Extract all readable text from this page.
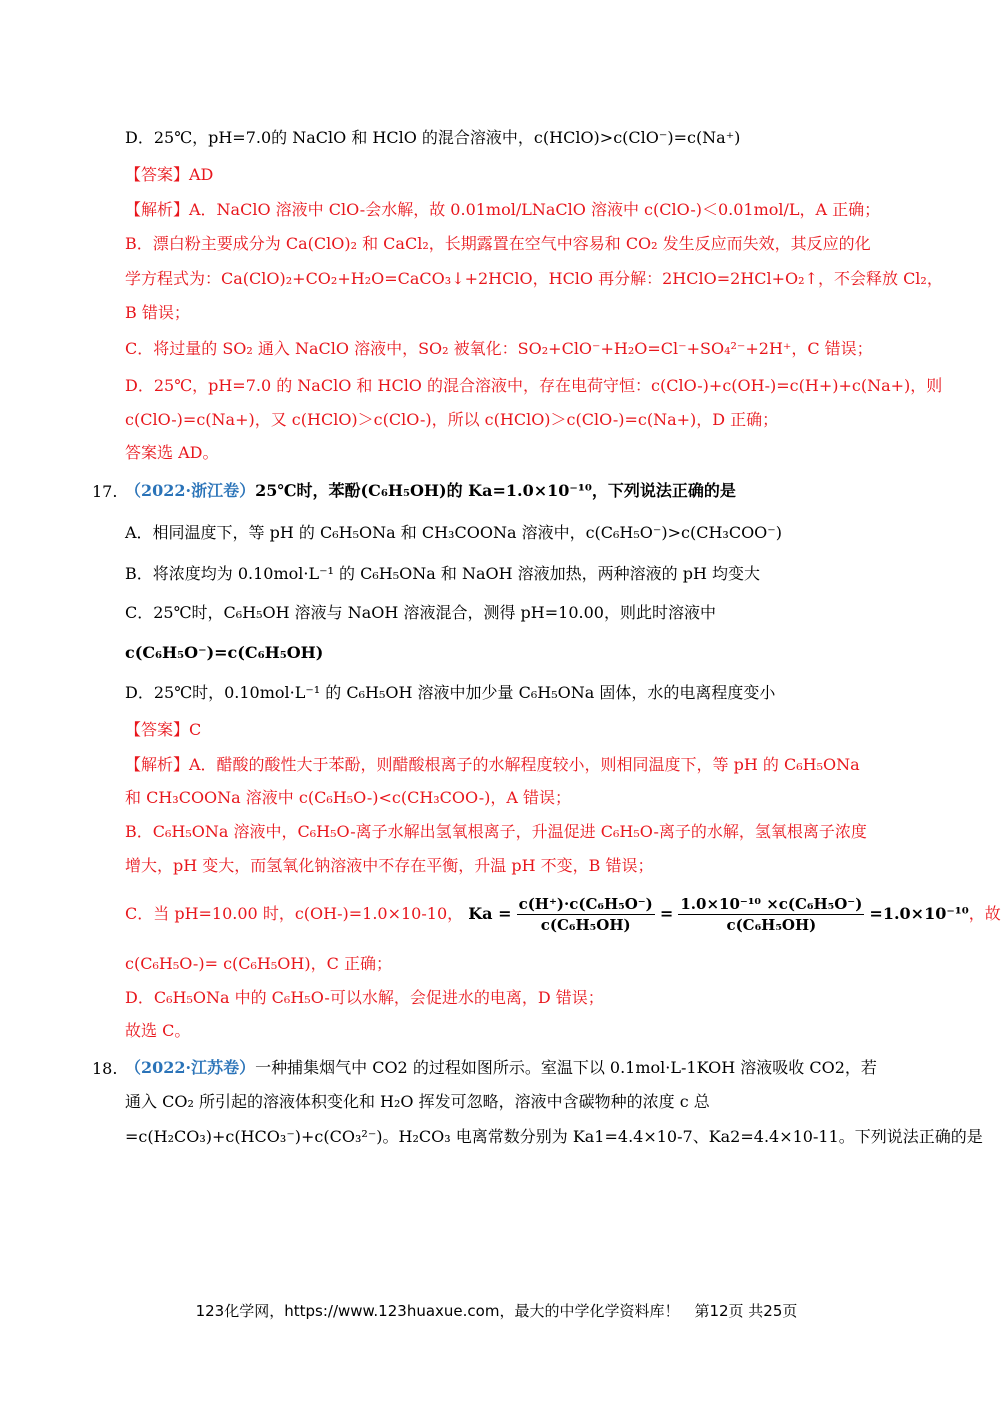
D．25℃，pH=7.0的 NaClO 和 HClO 的混合溶液中，c(HClO)>c(ClO⁻)=c(Na⁺)
【答案】AD
【解析】A．NaClO 溶液中 ClO-会水解，故 0.01mol/LNaClO 溶液中 c(ClO-)＜0.01mol/L，A 正确；
B．漂白粉主要成分为 Ca(ClO)₂ 和 CaCl₂，长期露置在空气中容易和 CO₂ 发生反应而失效，其反应的化
学方程式为：Ca(ClO)₂+CO₂+H₂O=CaCO₃↓+2HClO，HClO 再分解：2HClO=2HCl+O₂↑，不会释放 Cl₂，
B 错误；
C．将过量的 SO₂ 通入 NaClO 溶液中，SO₂ 被氧化：SO₂+ClO⁻+H₂O=Cl⁻+SO₄²⁻+2H⁺，C 错误；
D．25℃，pH=7.0 的 NaClO 和 HClO 的混合溶液中，存在电荷守恒：c(ClO-)+c(OH-)=c(H+)+c(Na+)，则
c(ClO-)=c(Na+)，又 c(HClO)＞c(ClO-)，所以 c(HClO)＞c(ClO-)=c(Na+)，D 正确；
答案选 AD。
17. （2022·浙江卷）25℃时，苯酚(C₆H₅OH)的 Ka=1.0×10⁻¹⁰，下列说法正确的是
A．相同温度下，等 pH 的 C₆H₅ONa 和 CH₃COONa 溶液中，c(C₆H₅O⁻)>c(CH₃COO⁻)
B．将浓度均为 0.10mol·L⁻¹ 的 C₆H₅ONa 和 NaOH 溶液加热，两种溶液的 pH 均变大
C．25℃时，C₆H₅OH 溶液与 NaOH 溶液混合，测得 pH=10.00，则此时溶液中
c(C₆H₅O⁻)=c(C₆H₅OH)
D．25℃时，0.10mol·L⁻¹ 的 C₆H₅OH 溶液中加少量 C₆H₅ONa 固体，水的电离程度变小
【答案】C
【解析】A．醋酸的酸性大于苯酚，则醋酸根离子的水解程度较小，则相同温度下，等 pH 的 C₆H₅ONa
和 CH₃COONa 溶液中 c(C₆H₅O-)<c(CH₃COO-)，A 错误；
B．C₆H₅ONa 溶液中，C₆H₅O-离子水解出氢氧根离子，升温促进 C₆H₅O-离子的水解，氢氧根离子浓度
增大，pH 变大，而氢氧化钠溶液中不存在平衡，升温 pH 不变，B 错误；
C．当 pH=10.00 时，c(OH-)=1.0×10-10， $Ka = \frac{\text{c(H⁺)·c(C₆H₅O⁻)}}{\text{c(C₆H₅OH)}} = \frac{\text{1.0×10⁻¹⁰ ×c(C₆H₅O⁻)}}{\text{c(C₆H₅OH)}} =1.0\times 10^{-10}$，故
c(C₆H₅O-)= c(C₆H₅OH)，C 正确；
D．C₆H₅ONa 中的 C₆H₅O-可以水解，会促进水的电离，D 错误；
故选 C。
18. （2022·江苏卷）一种捕集烟气中 CO2 的过程如图所示。室温下以 0.1mol·L-1KOH 溶液吸收 CO2，若
通入 CO₂ 所引起的溶液体积变化和 H₂O 挥发可忽略，溶液中含碳物种的浓度 c 总
=c(H₂CO₃)+c(HCO₃⁻)+c(CO₃²⁻)。H₂CO₃ 电离常数分别为 Ka1=4.4×10-7、Ka2=4.4×10-11。下列说法正确的是
123化学网，https://www.123huaxue.com，最大的中学化学资料库！　第12页 共25页
